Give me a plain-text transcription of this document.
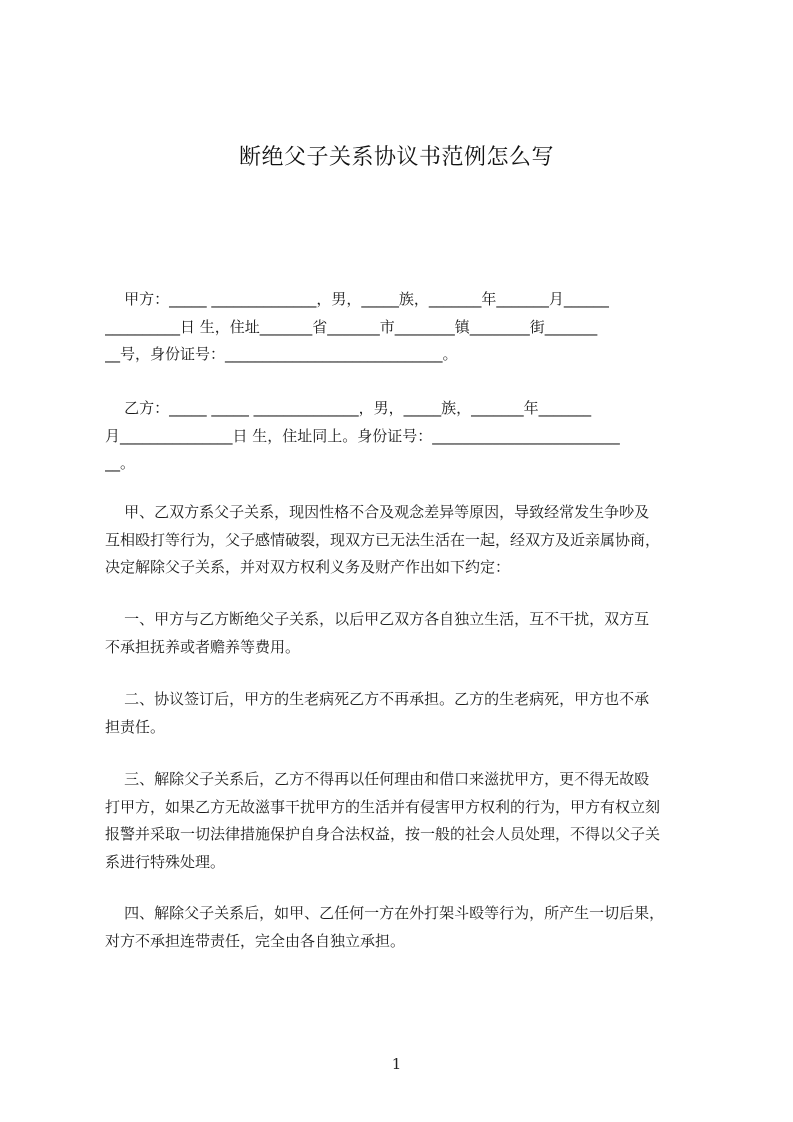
断绝父子关系协议书范例怎么写
甲方：_____ ______________，男，_____族，_______年_______月______
__________日 生，住址_______省_______市________镇________街_______
__号，身份证号：_____________________________。
乙方：_____ _____ ______________，男，_____族，_______年_______
月_______________日 生，住址同上。身份证号：_________________________
__。
甲、乙双方系父子关系，现因性格不合及观念差异等原因，导致经常发生争吵及
互相殴打等行为，父子感情破裂，现双方已无法生活在一起，经双方及近亲属协商，
决定解除父子关系，并对双方权利义务及财产作出如下约定：
一、甲方与乙方断绝父子关系，以后甲乙双方各自独立生活，互不干扰，双方互
不承担抚养或者赡养等费用。
二、协议签订后，甲方的生老病死乙方不再承担。乙方的生老病死，甲方也不承
担责任。
三、解除父子关系后，乙方不得再以任何理由和借口来滋扰甲方，更不得无故殴
打甲方，如果乙方无故滋事干扰甲方的生活并有侵害甲方权利的行为，甲方有权立刻
报警并采取一切法律措施保护自身合法权益，按一般的社会人员处理，不得以父子关
系进行特殊处理。
四、解除父子关系后，如甲、乙任何一方在外打架斗殴等行为，所产生一切后果，
对方不承担连带责任，完全由各自独立承担。
1
